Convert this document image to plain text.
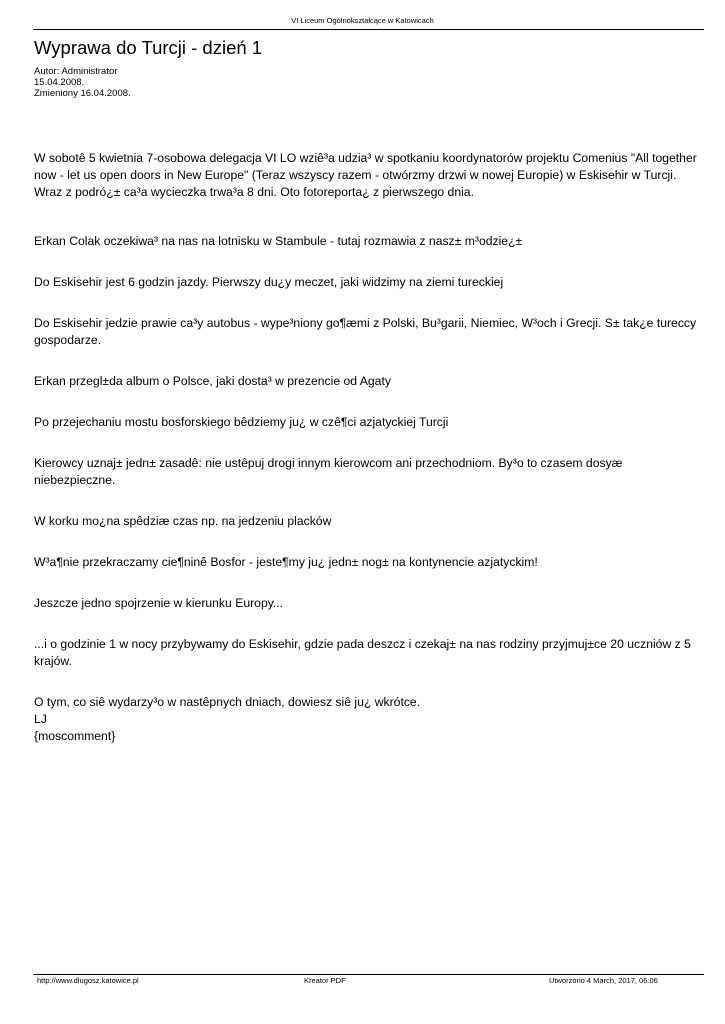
VI Liceum Ogólnokształcące w Katowicach
Wyprawa do Turcji - dzień 1
Autor: Administrator
15.04.2008.
Zmieniony 16.04.2008.

W sobotê 5 kwietnia 7-osobowa delegacja VI LO wziê³a udzia³ w spotkaniu koordynatorów projektu Comenius "All together now - let us open doors in New Europe" (Teraz wszyscy razem - otwórzmy drzwi w nowej Europie) w Eskisehir w Turcji. Wraz z podró¿± ca³a wycieczka trwa³a 8 dni. Oto fotoreporta¿ z pierwszego dnia.

Erkan Colak oczekiwa³ na nas na lotnisku w Stambule - tutaj rozmawia z nasz± m³odzie¿±

Do Eskisehir jest 6 godzin jazdy. Pierwszy du¿y meczet, jaki widzimy na ziemi tureckiej

Do Eskisehir jedzie prawie ca³y autobus - wype³niony go¶æmi z Polski, Bu³garii, Niemiec, W³och i Grecji. S± tak¿e tureccy gospodarze.

Erkan przegl±da album o Polsce, jaki dosta³ w prezencie od Agaty

Po przejechaniu mostu bosforskiego bêdziemy ju¿ w czê¶ci azjatyckiej Turcji

Kierowcy uznaj± jedn± zasadê: nie ustêpuj drogi innym kierowcom ani przechodniom. By³o to czasem dosyæ niebezpieczne.

W korku mo¿na spêdziæ czas np. na jedzeniu placków

W³a¶nie przekraczamy cie¶ninê Bosfor - jeste¶my ju¿ jedn± nog± na kontynencie azjatyckim!

Jeszcze jedno spojrzenie w kierunku Europy...

...i o godzinie 1 w nocy przybywamy do Eskisehir, gdzie pada deszcz i czekaj± na nas rodziny przyjmuj±ce 20 uczniów z 5 krajów.

O tym, co siê wydarzy³o w nastêpnych dniach, dowiesz siê ju¿ wkrótce.

LJ

{moscomment}

http://www.dlugosz.katowice.pl	Kreator PDF	Utworzono 4 March, 2017, 06:06
